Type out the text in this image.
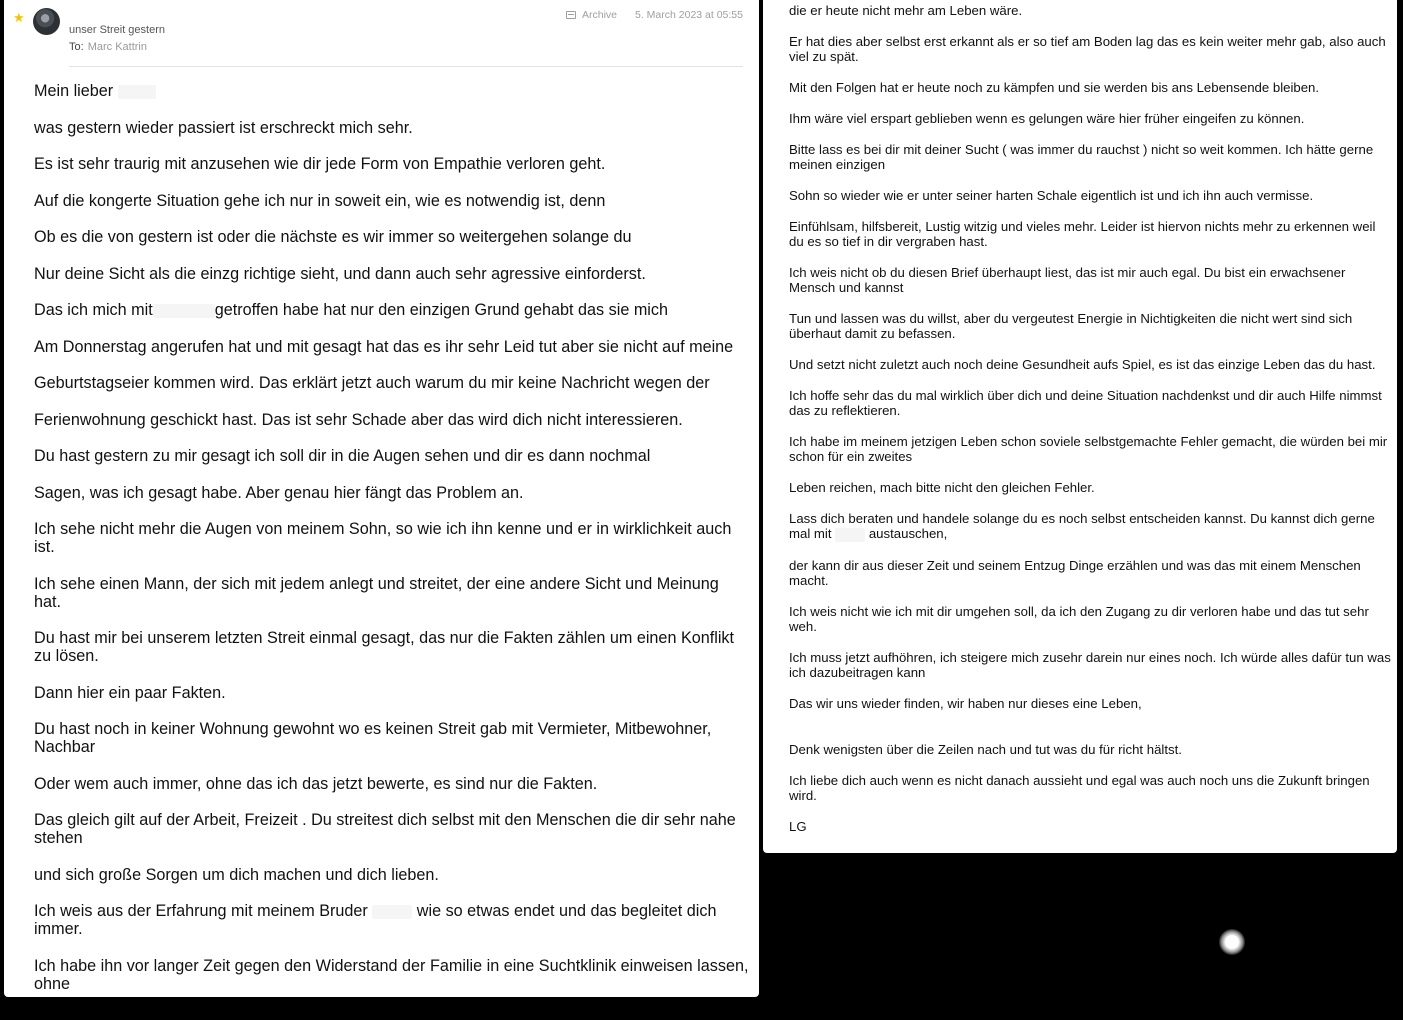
★
unser Streit gestern
To: Marc Kattrin
Archive 5. March 2023 at 05:55

Mein lieber

was gestern wieder passiert ist erschreckt mich sehr.

Es ist sehr traurig mit anzusehen wie dir jede Form von Empathie verloren geht.

Auf die kongerte Situation gehe ich nur in soweit ein, wie es notwendig ist, denn

Ob es die von gestern ist oder die nächste es wir immer so weitergehen solange du

Nur deine Sicht als die einzg richtige sieht, und dann auch sehr agressive einforderst.

Das ich mich mit	getroffen habe hat nur den einzigen Grund gehabt das sie mich

Am Donnerstag angerufen hat und mit gesagt hat das es ihr sehr Leid tut aber sie nicht auf meine

Geburtstagseier kommen wird. Das erklärt jetzt auch warum du mir keine Nachricht wegen der

Ferienwohnung geschickt hast. Das ist sehr Schade aber das wird dich nicht interessieren.

Du hast gestern zu mir gesagt ich soll dir in die Augen sehen und dir es dann nochmal

Sagen, was ich gesagt habe. Aber genau hier fängt das Problem an.

Ich sehe nicht mehr die Augen von meinem Sohn, so wie ich ihn kenne und er in wirklichkeit auch ist.

Ich sehe einen Mann, der sich mit jedem anlegt und streitet, der eine andere Sicht und Meinung hat.

Du hast mir bei unserem letzten Streit einmal gesagt, das nur die Fakten zählen um einen Konflikt zu lösen.

Dann hier ein paar Fakten.

Du hast noch in keiner Wohnung gewohnt wo es keinen Streit gab mit Vermieter, Mitbewohner, Nachbar

Oder wem auch immer, ohne das ich das jetzt bewerte, es sind nur die Fakten.

Das gleich gilt auf der Arbeit, Freizeit . Du streitest dich selbst mit den Menschen die dir sehr nahe stehen

und sich große Sorgen um dich machen und dich lieben.

Ich weis aus der Erfahrung mit meinem Bruder	wie so etwas endet und das begleitet dich immer.

Ich habe ihn vor langer Zeit gegen den Widerstand der Familie in eine Suchtklinik einweisen lassen, ohne

die er heute nicht mehr am Leben wäre.

Er hat dies aber selbst erst erkannt als er so tief am Boden lag das es kein weiter mehr gab, also auch viel zu spät.

Mit den Folgen hat er heute noch zu kämpfen und sie werden bis ans Lebensende bleiben.

Ihm wäre viel erspart geblieben wenn es gelungen wäre hier früher eingeifen zu können.

Bitte lass es bei dir mit deiner Sucht ( was immer du rauchst ) nicht so weit kommen. Ich hätte gerne meinen einzigen

Sohn so wieder wie er unter seiner harten Schale eigentlich ist und ich ihn auch vermisse.

Einfühlsam, hilfsbereit, Lustig witzig und vieles mehr. Leider ist hiervon nichts mehr zu erkennen weil du es so tief in dir vergraben hast.

Ich weis nicht ob du diesen Brief überhaupt liest, das ist mir auch egal. Du bist ein erwachsener Mensch und kannst

Tun und lassen was du willst, aber du vergeutest Energie in Nichtigkeiten die nicht wert sind sich überhaut damit zu befassen.

Und setzt nicht zuletzt auch noch deine Gesundheit aufs Spiel, es ist das einzige Leben das du hast.

Ich hoffe sehr das du mal wirklich über dich und deine Situation nachdenkst und dir auch Hilfe nimmst das zu reflektieren.

Ich habe im meinem jetzigen Leben schon soviele selbstgemachte Fehler gemacht, die würden bei mir schon für ein zweites

Leben reichen, mach bitte nicht den gleichen Fehler.

Lass dich beraten und handele solange du es noch selbst entscheiden kannst. Du kannst dich gerne mal mit	austauschen,

der kann dir aus dieser Zeit und seinem Entzug Dinge erzählen und was das mit einem Menschen macht.

Ich weis nicht wie ich mit dir umgehen soll, da ich den Zugang zu dir verloren habe und das tut sehr weh.

Ich muss jetzt aufhöhren, ich steigere mich zusehr darein nur eines noch. Ich würde alles dafür tun was ich dazubeitragen kann

Das wir uns wieder finden, wir haben nur dieses eine Leben,

Denk wenigsten über die Zeilen nach und tut was du für richt hältst.

Ich liebe dich auch wenn es nicht danach aussieht und egal was auch noch uns die Zukunft bringen wird.

LG
